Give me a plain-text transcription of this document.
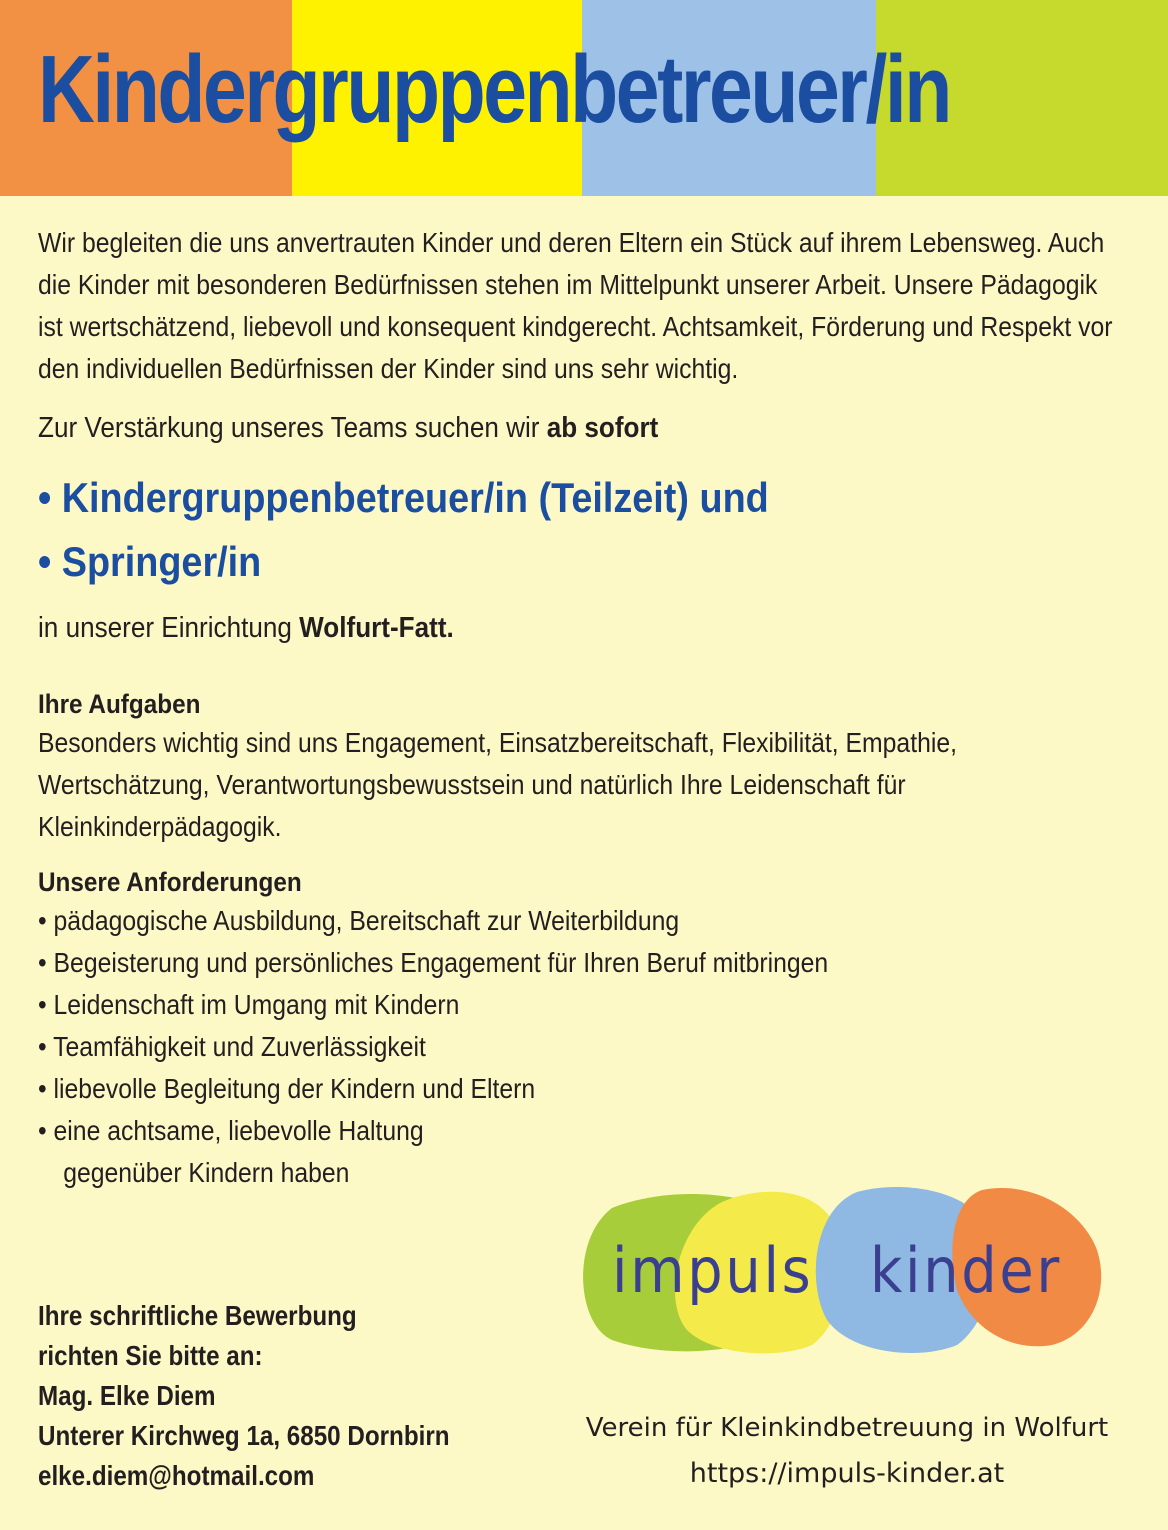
Kindergruppenbetreuer/in

Wir begleiten die uns anvertrauten Kinder und deren Eltern ein Stück auf ihrem Lebensweg. Auch die Kinder mit besonderen Bedürfnissen stehen im Mittelpunkt unserer Arbeit. Unsere Pädagogik ist wertschätzend, liebevoll und konsequent kindgerecht. Achtsamkeit, Förderung und Respekt vor den individuellen Bedürfnissen der Kinder sind uns sehr wichtig.

Zur Verstärkung unseres Teams suchen wir ab sofort

• Kindergruppenbetreuer/in (Teilzeit) und
• Springer/in

in unserer Einrichtung Wolfurt-Fatt.

Ihre Aufgaben

Besonders wichtig sind uns Engagement, Einsatzbereitschaft, Flexibilität, Empathie, Wertschätzung, Verantwortungsbewusstsein und natürlich Ihre Leidenschaft für Kleinkinderpädagogik.

Unsere Anforderungen
• pädagogische Ausbildung, Bereitschaft zur Weiterbildung
• Begeisterung und persönliches Engagement für Ihren Beruf mitbringen
• Leidenschaft im Umgang mit Kindern
• Teamfähigkeit und Zuverlässigkeit
• liebevolle Begleitung der Kindern und Eltern
• eine achtsame, liebevolle Haltung
gegenüber Kindern haben
Ihre schriftliche Bewerbung
richten Sie bitte an:
Mag. Elke Diem
Unterer Kirchweg 1a, 6850 Dornbirn
elke.diem@hotmail.com
impuls kinder
Verein für Kleinkindbetreuung in Wolfurt
https://impuls-kinder.at
